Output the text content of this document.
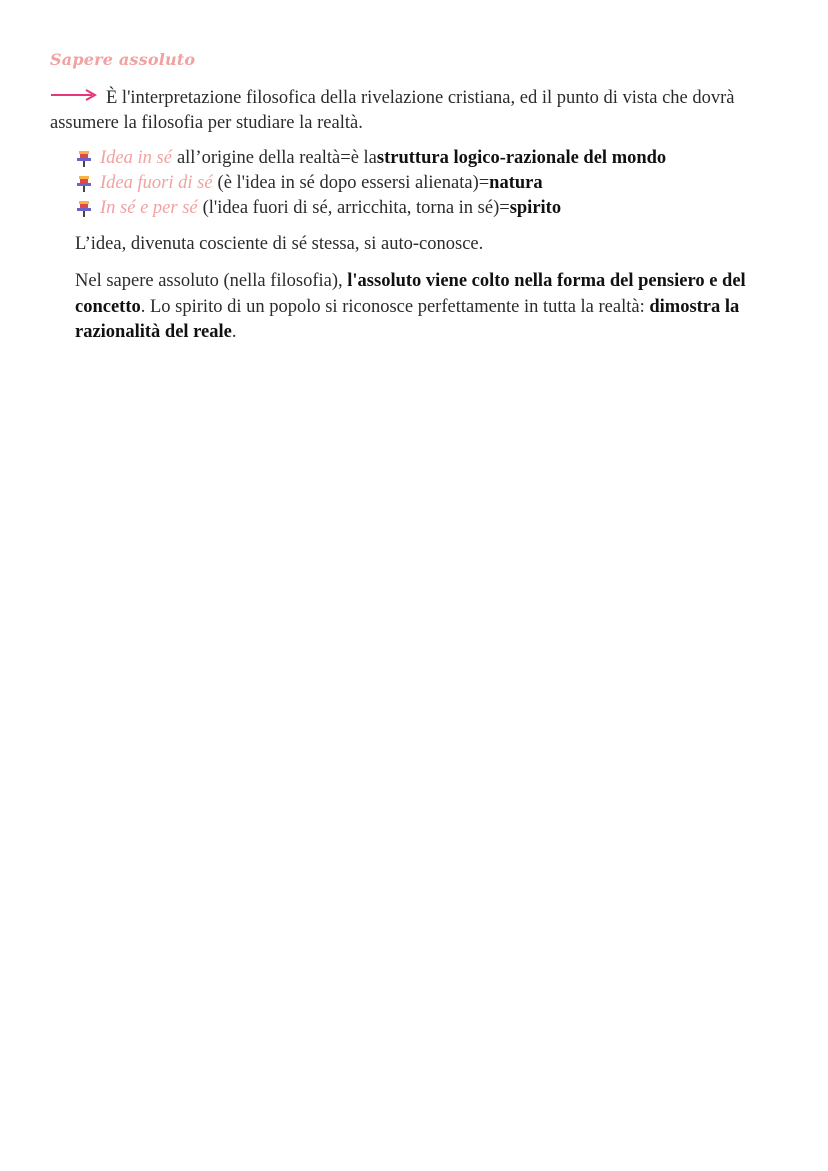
Sapere assoluto
È l'interpretazione filosofica della rivelazione cristiana, ed il punto di vista che dovrà assumere la filosofia per studiare la realtà.
Idea in sé all’origine della realtà=è la struttura logico-razionale del mondo
Idea fuori di sé (è l'idea in sé dopo essersi alienata)= natura
In sé e per sé (l'idea fuori di sé, arricchita, torna in sé)= spirito
L’idea, divenuta cosciente di sé stessa, si auto-conosce.
Nel sapere assoluto (nella filosofia), l'assoluto viene colto nella forma del pensiero e del concetto. Lo spirito di un popolo si riconosce perfettamente in tutta la realtà: dimostra la razionalità del reale.
